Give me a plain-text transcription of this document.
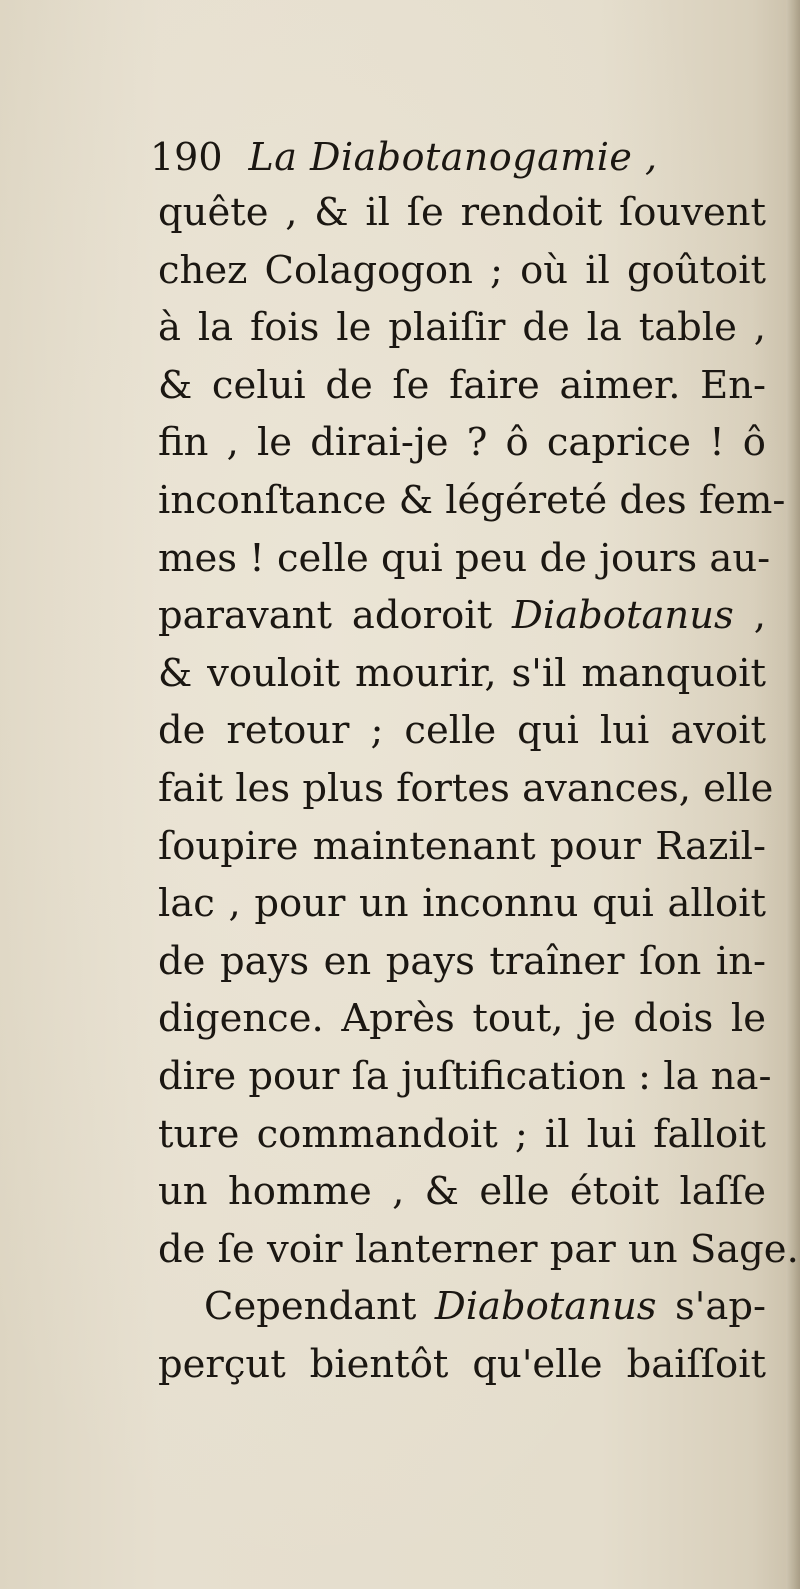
190 La Diabotanogamie ,
quête , & il ſe rendoit ſouvent
chez Colagogon ; où il goûtoit
à la fois le plaiſir de la table ,
& celui de ſe faire aimer. En-
fin , le dirai-je ? ô caprice ! ô
inconſtance & légéreté des fem-
mes ! celle qui peu de jours au-
paravant adoroit Diabotanus ,
& vouloit mourir, s'il manquoit
de retour ; celle qui lui avoit
fait les plus fortes avances, elle
ſoupire maintenant pour Razil-
lac , pour un inconnu qui alloit
de pays en pays traîner ſon in-
digence. Après tout, je dois le
dire pour ſa juſtification : la na-
ture commandoit ; il lui falloit
un homme , & elle étoit laſſe
de ſe voir lanterner par un Sage.
Cependant Diabotanus s'ap-
perçut bientôt qu'elle baiſſoit
